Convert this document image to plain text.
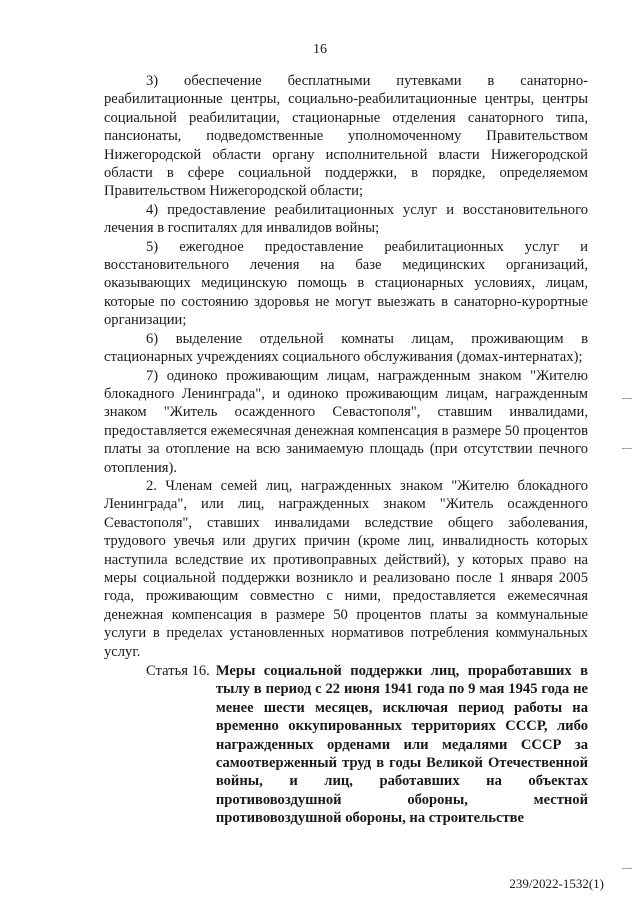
16

3) обеспечение бесплатными путевками в санаторно-реабилитационные центры, социально-реабилитационные центры, центры социальной реабилитации, стационарные отделения санаторного типа, пансионаты, подведомственные уполномоченному Правительством Нижегородской области органу исполнительной власти Нижегородской области в сфере социальной поддержки, в порядке, определяемом Правительством Нижегородской области;

4) предоставление реабилитационных услуг и восстановительного лечения в госпиталях для инвалидов войны;

5) ежегодное предоставление реабилитационных услуг и восстановительного лечения на базе медицинских организаций, оказывающих медицинскую помощь в стационарных условиях, лицам, которые по состоянию здоровья не могут выезжать в санаторно-курортные организации;

6) выделение отдельной комнаты лицам, проживающим в стационарных учреждениях социального обслуживания (домах-интернатах);

7) одиноко проживающим лицам, награжденным знаком "Жителю блокадного Ленинграда", и одиноко проживающим лицам, награжденным знаком "Житель осажденного Севастополя", ставшим инвалидами, предоставляется ежемесячная денежная компенсация в размере 50 процентов платы за отопление на всю занимаемую площадь (при отсутствии печного отопления).

2. Членам семей лиц, награжденных знаком "Жителю блокадного Ленинграда", или лиц, награжденных знаком "Житель осажденного Севастополя", ставших инвалидами вследствие общего заболевания, трудового увечья или других причин (кроме лиц, инвалидность которых наступила вследствие их противоправных действий), у которых право на меры социальной поддержки возникло и реализовано после 1 января 2005 года, проживающим совместно с ними, предоставляется ежемесячная денежная компенсация в размере 50 процентов платы за коммунальные услуги в пределах установленных нормативов потребления коммунальных услуг.

Статья 16. Меры социальной поддержки лиц, проработавших в тылу в период с 22 июня 1941 года по 9 мая 1945 года не менее шести месяцев, исключая период работы на временно оккупированных территориях СССР, либо награжденных орденами или медалями СССР за самоотверженный труд в годы Великой Отечественной войны, и лиц, работавших на объектах противовоздушной обороны, местной противовоздушной обороны, на строительстве
239/2022-1532(1)
